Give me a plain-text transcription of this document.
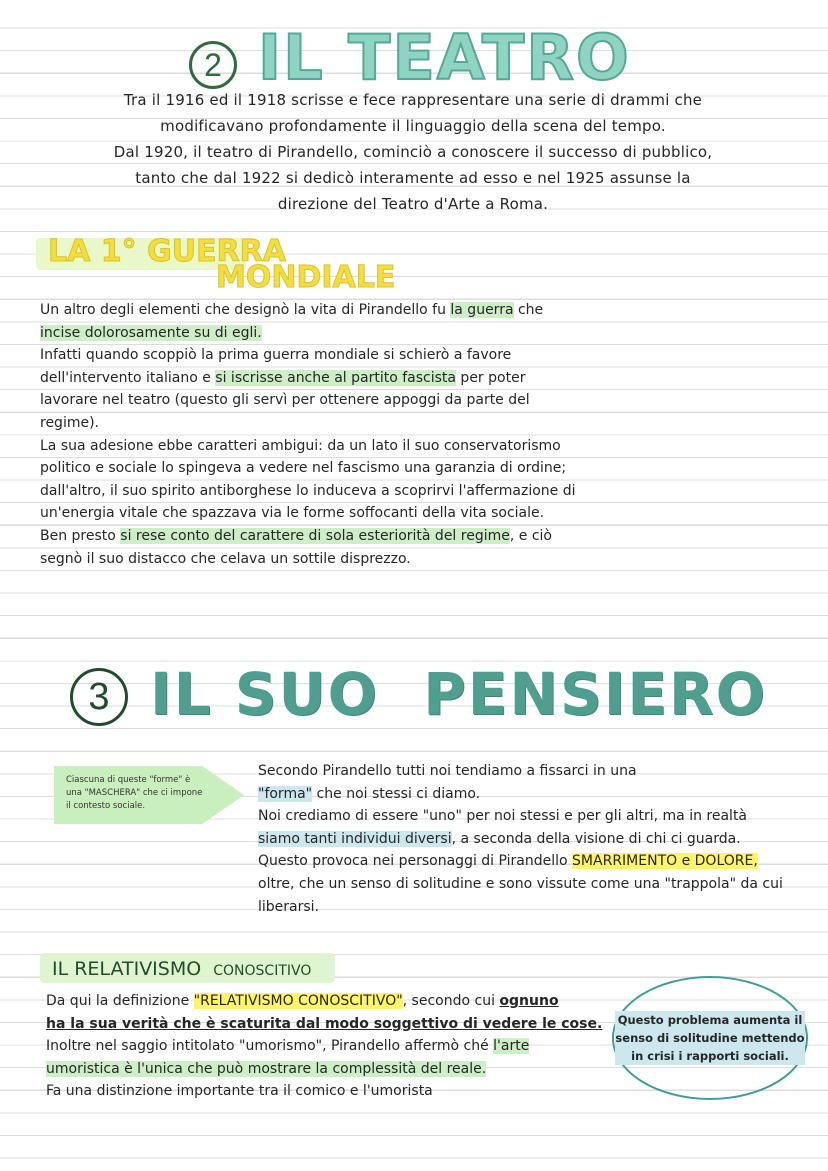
2 IL TEATRO
Tra il 1916 ed il 1918 scrisse e fece rappresentare una serie di drammi che
modificavano profondamente il linguaggio della scena del tempo.
Dal 1920, il teatro di Pirandello, cominciò a conoscere il successo di pubblico,
tanto che dal 1922 si dedicò interamente ad esso e nel 1925 assunse la
direzione del Teatro d'Arte a Roma.
LA 1° GUERRA
MONDIALE
Un altro degli elementi che designò la vita di Pirandello fu la guerra che
incise dolorosamente su di egli.
Infatti quando scoppiò la prima guerra mondiale si schierò a favore
dell'intervento italiano e si iscrisse anche al partito fascista per poter
lavorare nel teatro (questo gli servì per ottenere appoggi da parte del
regime).
La sua adesione ebbe caratteri ambigui: da un lato il suo conservatorismo
politico e sociale lo spingeva a vedere nel fascismo una garanzia di ordine;
dall'altro, il suo spirito antiborghese lo induceva a scoprirvi l'affermazione di
un'energia vitale che spazzava via le forme soffocanti della vita sociale.
Ben presto si rese conto del carattere di sola esteriorità del regime, e ciò
segnò il suo distacco che celava un sottile disprezzo.
3 IL SUO  PENSIERO
Ciascuna di queste "forme" è una "MASCHERA" che ci impone il contesto sociale.
Secondo Pirandello tutti noi tendiamo a fissarci in una
"forma" che noi stessi ci diamo.
Noi crediamo di essere "uno" per noi stessi e per gli altri, ma in realtà
siamo tanti individui diversi, a seconda della visione di chi ci guarda.
Questo provoca nei personaggi di Pirandello SMARRIMENTO e DOLORE,
oltre, che un senso di solitudine e sono vissute come una "trappola" da cui
liberarsi.
IL RELATIVISMO CONOSCITIVO
Da qui la definizione "RELATIVISMO CONOSCITIVO", secondo cui ognuno
ha la sua verità che è scaturita dal modo soggettivo di vedere le cose.
Inoltre nel saggio intitolato "umorismo", Pirandello affermò ché l'arte
umoristica è l'unica che può mostrare la complessità del reale.
Fa una distinzione importante tra il comico e l'umorista
Questo problema aumenta il
senso di solitudine mettendo
in crisi i rapporti sociali.
